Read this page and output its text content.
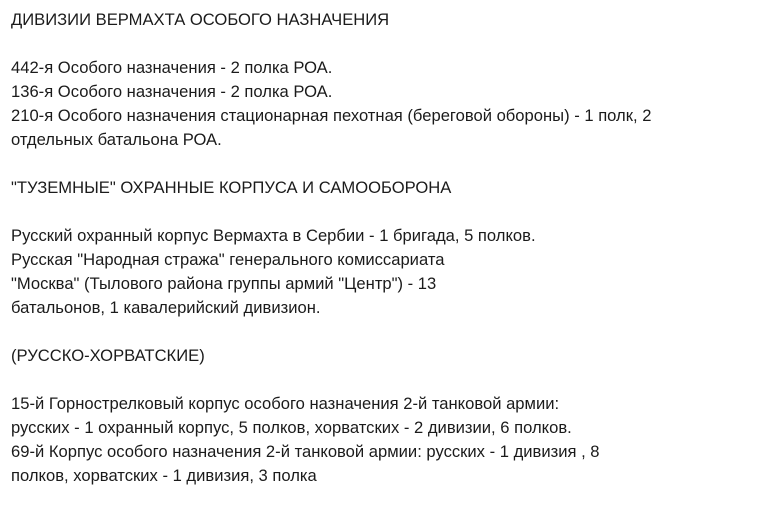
ДИВИЗИИ ВЕРМАХТА ОСОБОГО НАЗНАЧЕНИЯ
442-я Особого назначения - 2 полка РОА.
136-я Особого назначения - 2 полка РОА.
210-я Особого назначения стационарная пехотная (береговой обороны) - 1 полк, 2
отдельных батальона РОА.
"ТУЗЕМНЫЕ" ОХРАННЫЕ КОРПУСА И САМООБОРОНА
Русский охранный корпус Вермахта в Сербии - 1 бригада, 5 полков.
Русская "Народная стража" генерального комиссариата
"Москва" (Тылового района группы армий "Центр") - 13
батальонов, 1 кавалерийский дивизион.
(РУССКО-ХОРВАТСКИЕ)
15-й Горнострелковый корпус особого назначения 2-й танковой армии:
русских - 1 охранный корпус, 5 полков, хорватских - 2 дивизии, 6 полков.
69-й Корпус особого назначения 2-й танковой армии: русских - 1 дивизия , 8
полков, хорватских - 1 дивизия, 3 полка
